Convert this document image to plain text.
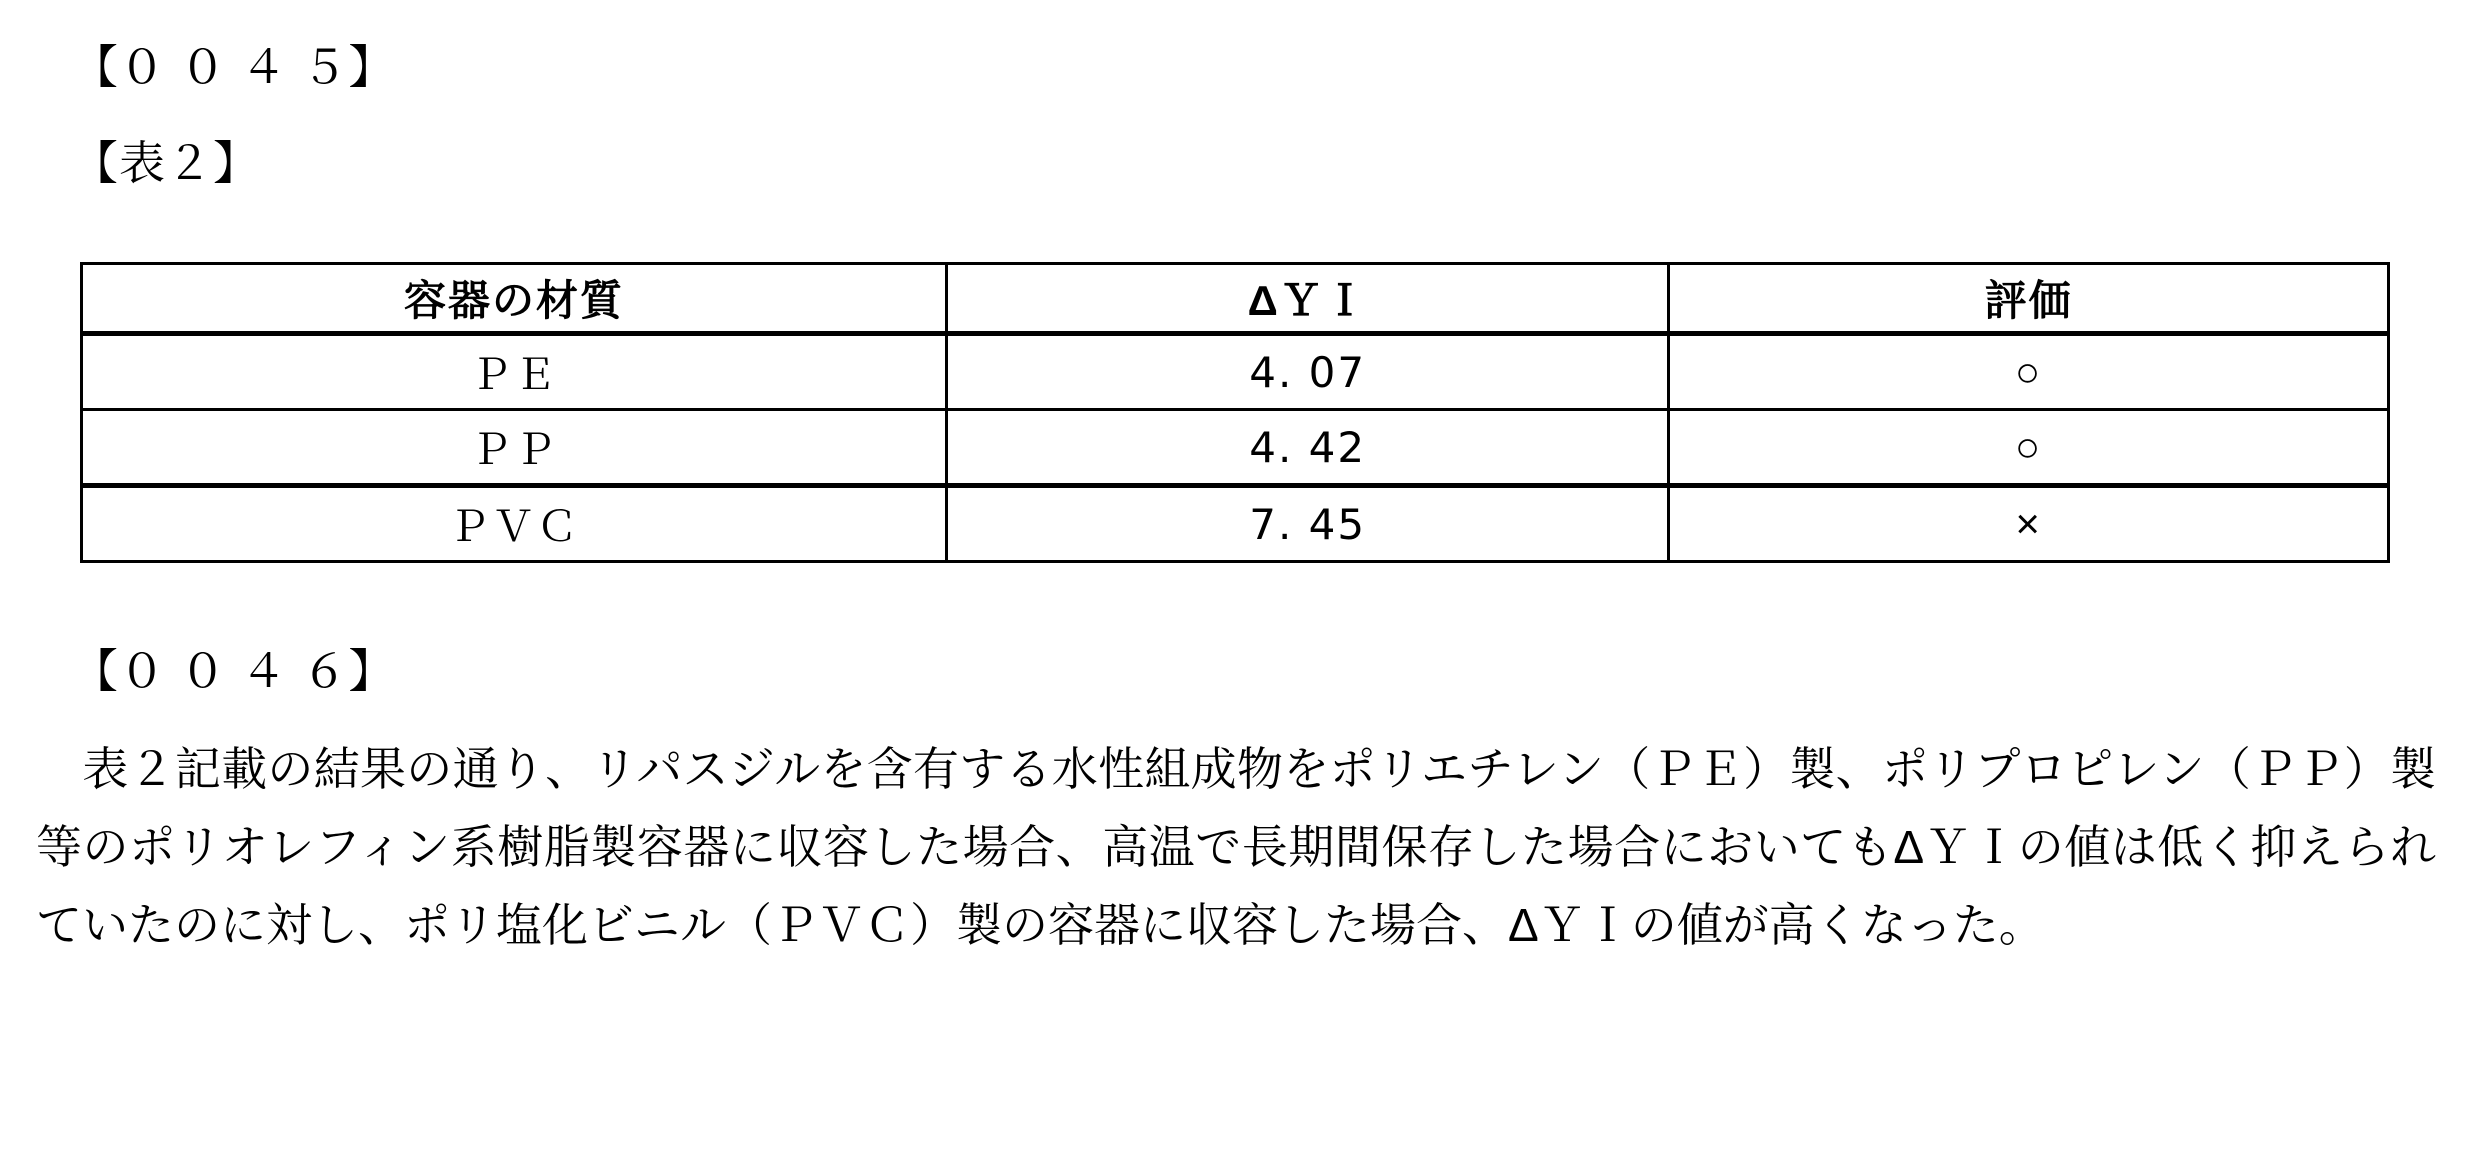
【０ ０ ４ ５】
【表２】
容器の材質	ΔＹＩ	評価
ＰＥ	4. 07	○
ＰＰ	4. 42	○
ＰＶＣ	7. 45	×
【０ ０ ４ ６】

　表２記載の結果の通り、リパスジルを含有する水性組成物をポリエチレン（ＰＥ）製、ポリプロピレン（ＰＰ）製等のポリオレフィン系樹脂製容器に収容した場合、高温で長期間保存した場合においてもΔＹＩの値は低く抑えられていたのに対し、ポリ塩化ビニル（ＰＶＣ）製の容器に収容した場合、ΔＹＩの値が高くなった。
